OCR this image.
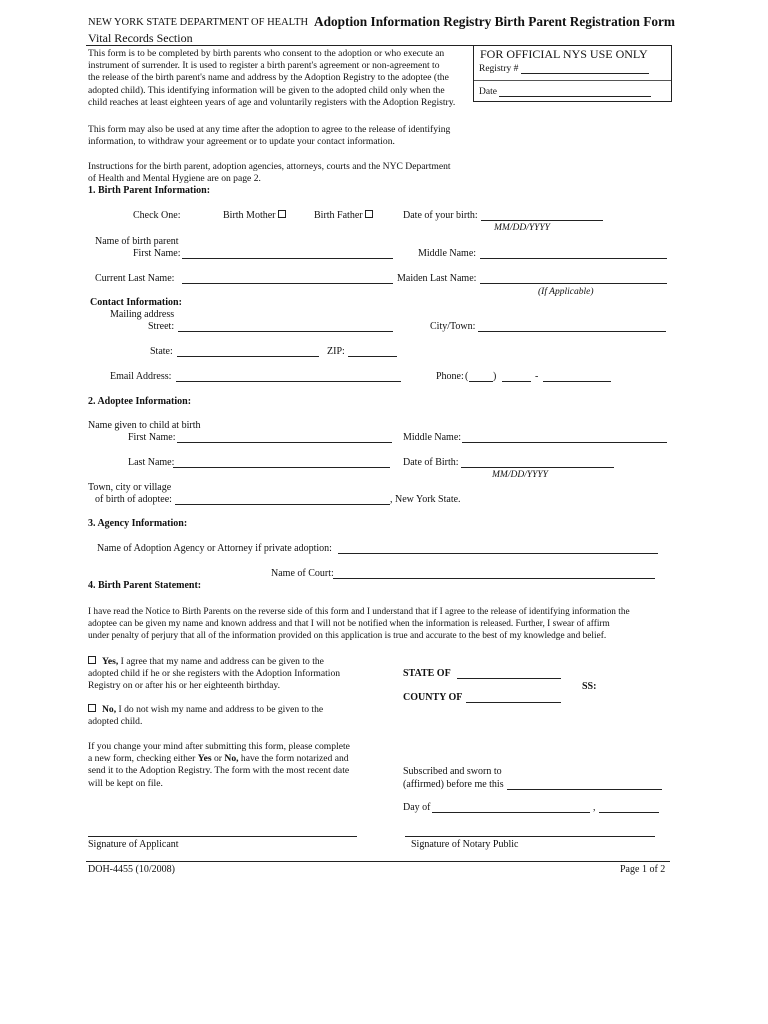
NEW YORK STATE DEPARTMENT OF HEALTH Adoption Information Registry Birth Parent Registration Form
Vital Records Section
This form is to be completed by birth parents who consent to the adoption or who execute an
instrument of surrender. It is used to register a birth parent's agreement or non-agreement to
the release of the birth parent's name and address by the Adoption Registry to the adoptee (the
adopted child). This identifying information will be given to the adopted child only when the
child reaches at least eighteen years of age and voluntarily registers with the Adoption Registry.
FOR OFFICIAL NYS USE ONLY
Registry #
Date
This form may also be used at any time after the adoption to agree to the release of identifying
information, to withdraw your agreement or to update your contact information.
Instructions for the birth parent, adoption agencies, attorneys, courts and the NYC Department
of Health and Mental Hygiene are on page 2.
1. Birth Parent Information:
Check One:	Birth Mother	Birth Father	Date of your birth:
MM/DD/YYYY
Name of birth parent
First Name:	Middle Name:
Current Last Name:	Maiden Last Name:
(If Applicable)
Contact Information:
Mailing address
Street:	City/Town:
State:	ZIP:
Email Address:	Phone: ( )	-
2. Adoptee Information:
Name given to child at birth
First Name:	Middle Name:
Last Name:	Date of Birth:
MM/DD/YYYY
Town, city or village
of birth of adoptee:	, New York State.
3. Agency Information:
Name of Adoption Agency or Attorney if private adoption:
Name of Court:
4. Birth Parent Statement:
I have read the Notice to Birth Parents on the reverse side of this form and I understand that if I agree to the release of identifying information the
adoptee can be given my name and known address and that I will not be notified when the information is released. Further, I swear of affirm
under penalty of perjury that all of the information provided on this application is true and accurate to the best of my knowledge and belief.
Yes, I agree that my name and address can be given to the
adopted child if he or she registers with the Adoption Information
Registry on or after his or her eighteenth birthday.
No, I do not wish my name and address to be given to the
adopted child.
If you change your mind after submitting this form, please complete
a new form, checking either Yes or No, have the form notarized and
send it to the Adoption Registry. The form with the most recent date
will be kept on file.
STATE OF
SS:
COUNTY OF
Subscribed and sworn to
(affirmed) before me this
Day of	,
Signature of Applicant	Signature of Notary Public
DOH-4455 (10/2008)	Page 1 of 2
